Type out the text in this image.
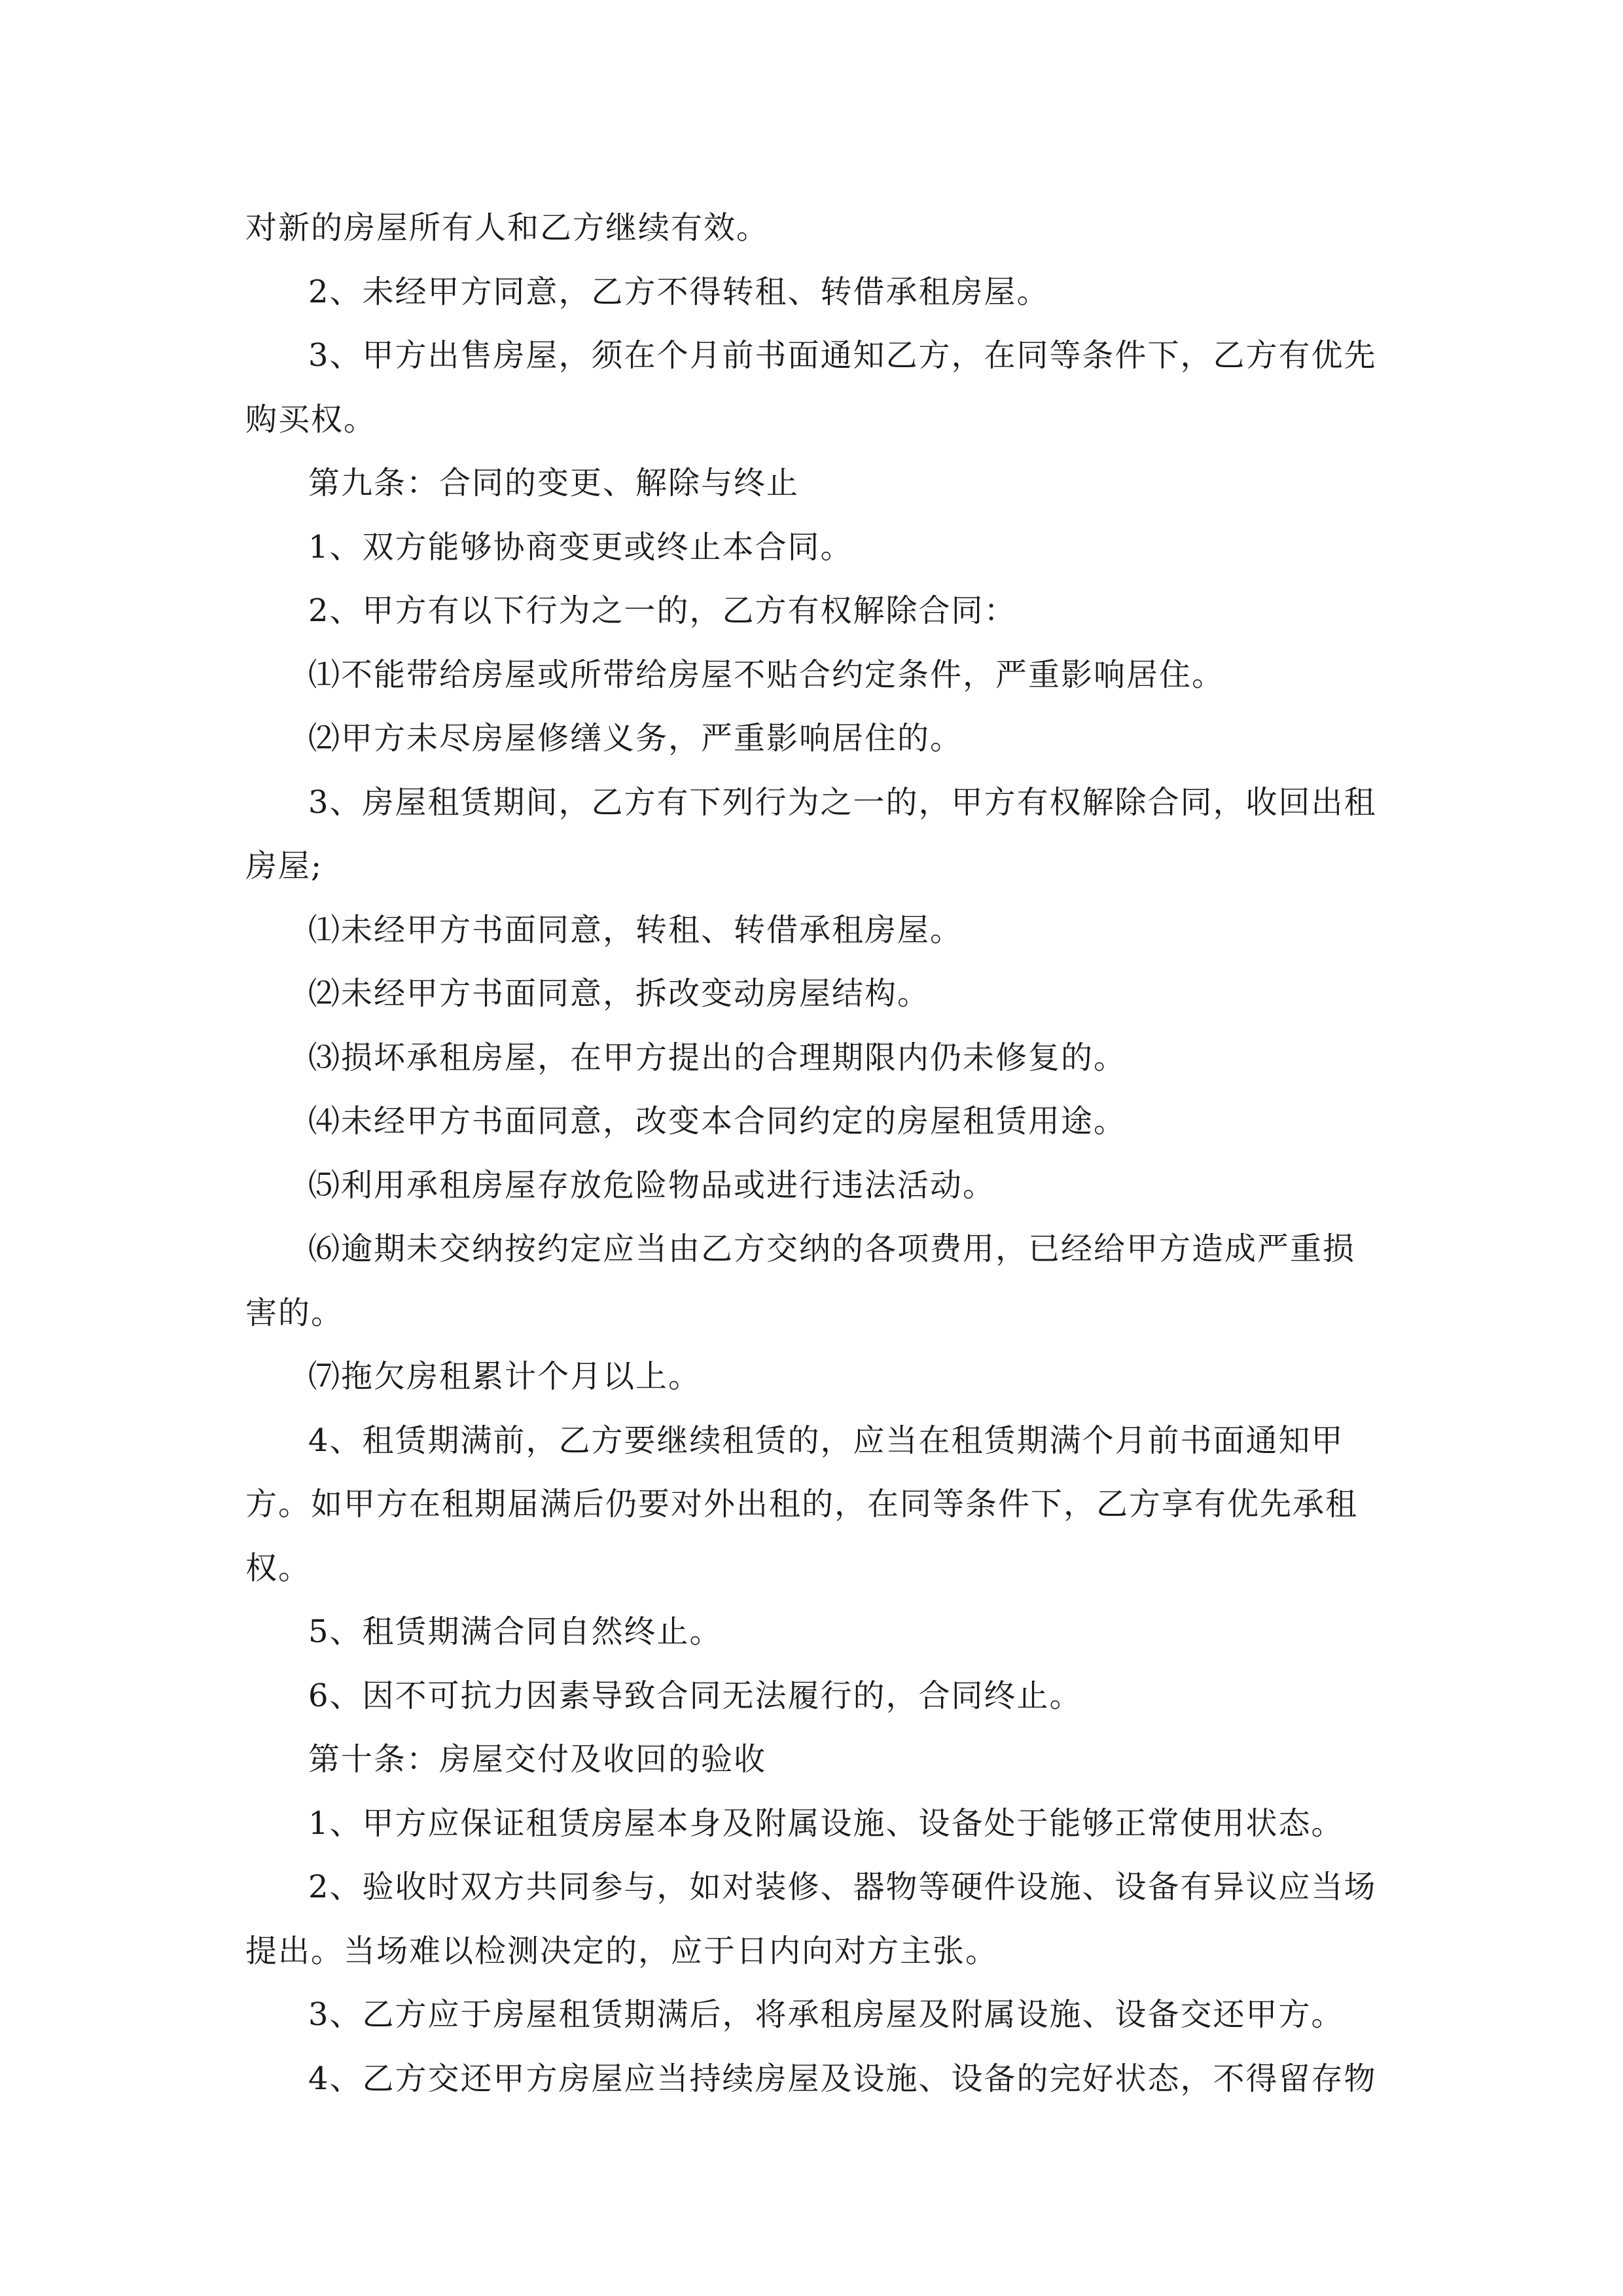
对新的房屋所有人和乙方继续有效。

2、未经甲方同意，乙方不得转租、转借承租房屋。

3、甲方出售房屋，须在个月前书面通知乙方，在同等条件下，乙方有优先购买权。

第九条：合同的变更、解除与终止

1、双方能够协商变更或终止本合同。

2、甲方有以下行为之一的，乙方有权解除合同：

⑴不能带给房屋或所带给房屋不贴合约定条件，严重影响居住。

⑵甲方未尽房屋修缮义务，严重影响居住的。

3、房屋租赁期间，乙方有下列行为之一的，甲方有权解除合同，收回出租房屋;

⑴未经甲方书面同意，转租、转借承租房屋。

⑵未经甲方书面同意，拆改变动房屋结构。

⑶损坏承租房屋，在甲方提出的合理期限内仍未修复的。

⑷未经甲方书面同意，改变本合同约定的房屋租赁用途。

⑸利用承租房屋存放危险物品或进行违法活动。

⑹逾期未交纳按约定应当由乙方交纳的各项费用，已经给甲方造成严重损害的。

⑺拖欠房租累计个月以上。

4、租赁期满前，乙方要继续租赁的，应当在租赁期满个月前书面通知甲方。如甲方在租期届满后仍要对外出租的，在同等条件下，乙方享有优先承租权。

5、租赁期满合同自然终止。

6、因不可抗力因素导致合同无法履行的，合同终止。

第十条：房屋交付及收回的验收

1、甲方应保证租赁房屋本身及附属设施、设备处于能够正常使用状态。

2、验收时双方共同参与，如对装修、器物等硬件设施、设备有异议应当场提出。当场难以检测决定的，应于日内向对方主张。

3、乙方应于房屋租赁期满后，将承租房屋及附属设施、设备交还甲方。

4、乙方交还甲方房屋应当持续房屋及设施、设备的完好状态，不得留存物
